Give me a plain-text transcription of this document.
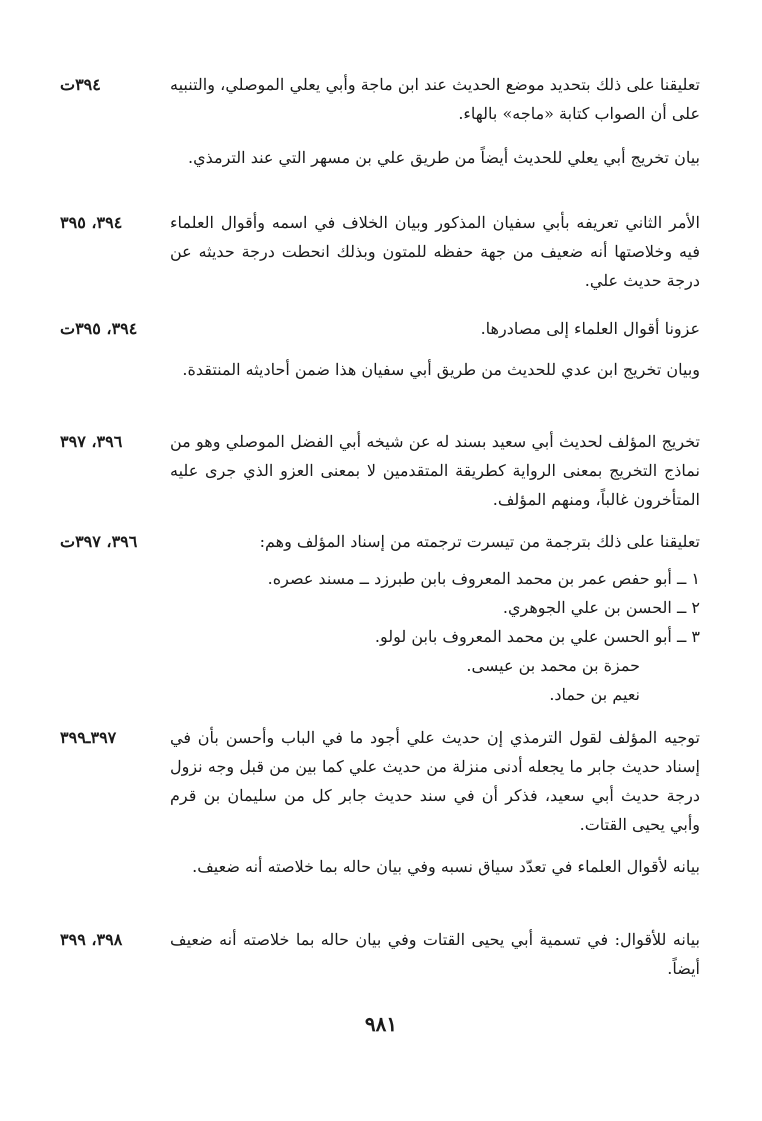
تعليقنا على ذلك بتحديد موضع الحديث عند ابن ماجة وأبي يعلي الموصلي، والتنبيه على أن الصواب كتابة «ماجه» بالهاء.

٣٩٤ت

بيان تخريج أبي يعلي للحديث أيضاً من طريق علي بن مسهر التي عند الترمذي.

الأمر الثاني تعريفه بأبي سفيان المذكور وبيان الخلاف في اسمه وأقوال العلماء فيه وخلاصتها أنه ضعيف من جهة حفظه للمتون وبذلك انحطت درجة حديثه عن درجة حديث علي.

٣٩٤، ٣٩٥

عزونا أقوال العلماء إلى مصادرها.

٣٩٤، ٣٩٥ت

وبيان تخريج ابن عدي للحديث من طريق أبي سفيان هذا ضمن أحاديثه المنتقدة.

تخريج المؤلف لحديث أبي سعيد بسند له عن شيخه أبي الفضل الموصلي وهو من نماذج التخريج بمعنى الرواية كطريقة المتقدمين لا بمعنى العزو الذي جرى عليه المتأخرون غالباً، ومنهم المؤلف.

٣٩٦، ٣٩٧

تعليقنا على ذلك بترجمة من تيسرت ترجمته من إسناد المؤلف وهم:

٣٩٦، ٣٩٧ت
١ ــ أبو حفص عمر بن محمد المعروف بابن طبرزد ــ مسند عصره.
٢ ــ الحسن بن علي الجوهري.
٣ ــ أبو الحسن علي بن محمد المعروف بابن لولو.
حمزة بن محمد بن عيسى.
نعيم بن حماد.

توجيه المؤلف لقول الترمذي إن حديث علي أجود ما في الباب وأحسن بأن في إسناد حديث جابر ما يجعله أدنى منزلة من حديث علي كما بين من قبل وجه نزول درجة حديث أبي سعيد، فذكر أن في سند حديث جابر كل من سليمان بن قرم وأبي يحيى القتات.

٣٩٧ـ٣٩٩

بيانه لأقوال العلماء في تعدّد سياق نسبه وفي بيان حاله بما خلاصته أنه ضعيف.

بيانه للأقوال: في تسمية أبي يحيى القتات وفي بيان حاله بما خلاصته أنه ضعيف أيضاً.

٣٩٨، ٣٩٩
٩٨١
